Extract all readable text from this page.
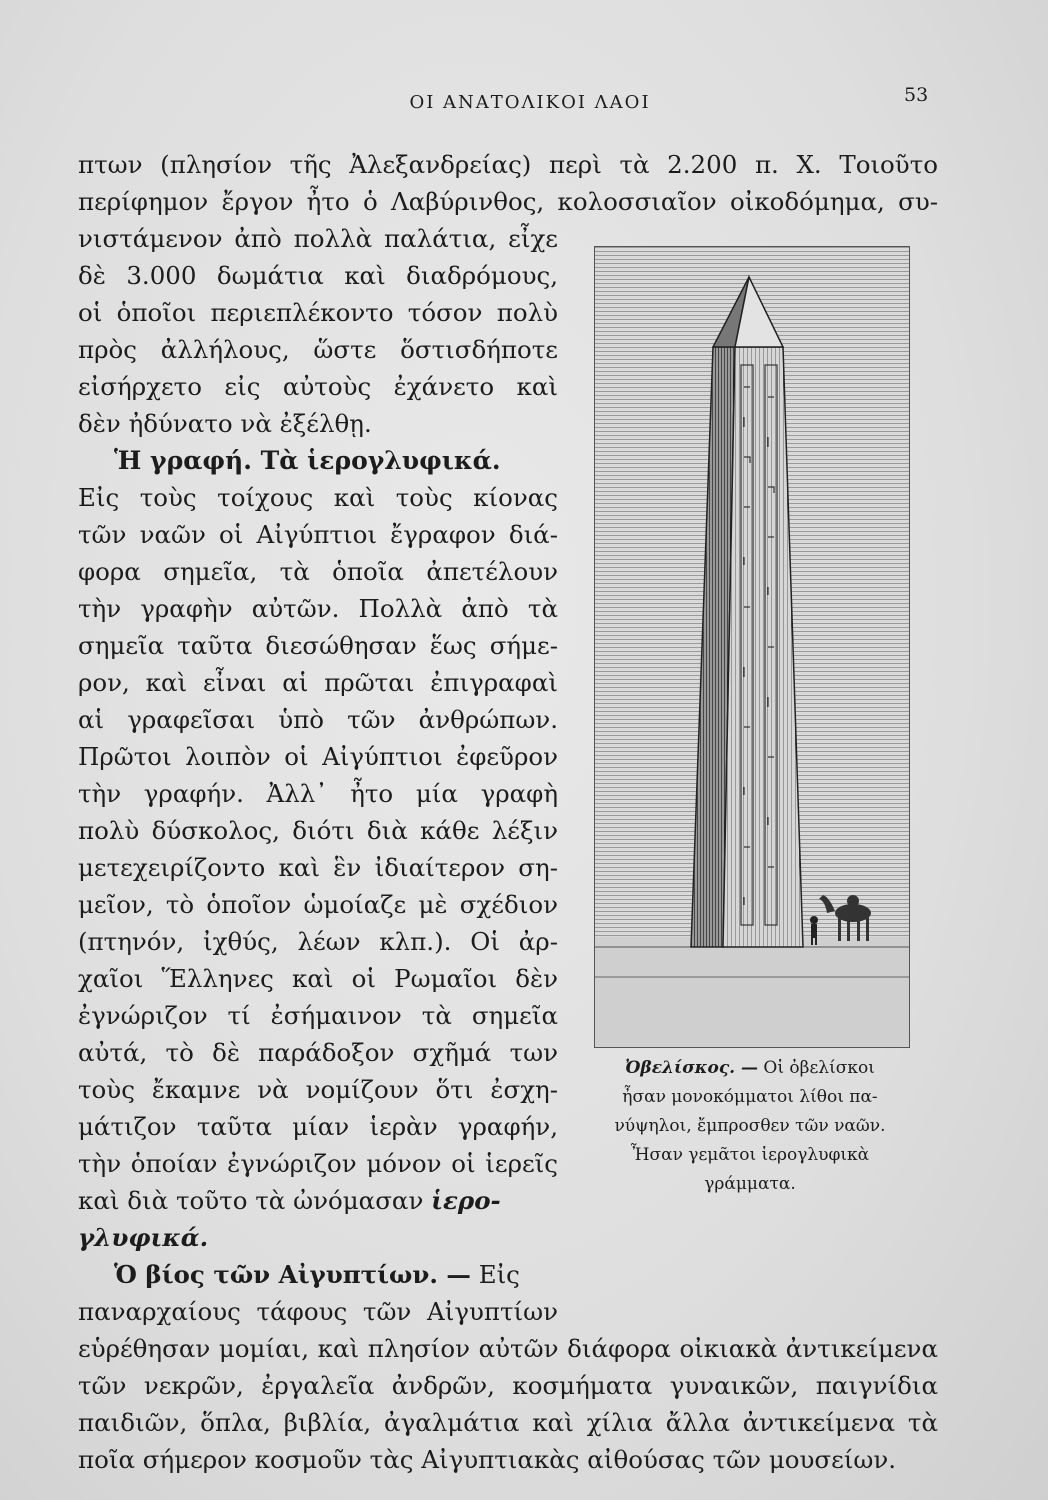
ΟΙ ΑΝΑΤΟΛΙΚΟΙ ΛΑΟΙ	53
πτων (πλησίον τῆς Ἀλεξανδρείας) περὶ τὰ 2.200 π. Χ. Τοιοῦτο
περίφημον ἔργον ἦτο ὁ Λαβύρινθος, κολοσσιαῖον οἰκοδόμημα, συ-
νιστάμενον ἀπὸ πολλὰ παλάτια, εἶχε
δὲ 3.000 δωμάτια καὶ διαδρόμους,
οἱ ὁποῖοι περιεπλέκοντο τόσον πολὺ
πρὸς ἀλλήλους, ὥστε ὅστισδήποτε
εἰσήρχετο εἰς αὐτοὺς ἐχάνετο καὶ
δὲν ἠδύνατο νὰ ἐξέλθῃ.
Ἡ γραφή. Τὰ ἱερογλυφικά.
Εἰς τοὺς τοίχους καὶ τοὺς κίονας
τῶν ναῶν οἱ Αἰγύπτιοι ἔγραφον διά-
φορα σημεῖα, τὰ ὁποῖα ἀπετέλουν
τὴν γραφὴν αὐτῶν. Πολλὰ ἀπὸ τὰ
σημεῖα ταῦτα διεσώθησαν ἕως σήμε-
ρον, καὶ εἶναι αἱ πρῶται ἐπιγραφαὶ
αἱ γραφεῖσαι ὑπὸ τῶν ἀνθρώπων.
Πρῶτοι λοιπὸν οἱ Αἰγύπτιοι ἐφεῦρον
τὴν γραφήν. Ἀλλ᾽ ἦτο μία γραφὴ
πολὺ δύσκολος, διότι διὰ κάθε λέξιν
μετεχειρίζοντο καὶ ἓν ἰδιαίτερον ση-
μεῖον, τὸ ὁποῖον ὡμοίαζε μὲ σχέδιον
(πτηνόν, ἰχθύς, λέων κλπ.). Οἱ ἀρ-
χαῖοι Ἕλληνες καὶ οἱ Ρωμαῖοι δὲν
ἐγνώριζον τί ἐσήμαινον τὰ σημεῖα
αὐτά, τὸ δὲ παράδοξον σχῆμά των
τοὺς ἔκαμνε νὰ νομίζουν ὅτι ἐσχη-
μάτιζον ταῦτα μίαν ἱερὰν γραφήν,
τὴν ὁποίαν ἐγνώριζον μόνον οἱ ἱερεῖς
καὶ διὰ τοῦτο τὰ ὠνόμασαν ἱερο-
γλυφικά.
Ὁ βίος τῶν Αἰγυπτίων. — Εἰς
παναρχαίους τάφους τῶν Αἰγυπτίων
εὑρέθησαν μομίαι, καὶ πλησίον αὐτῶν διάφορα οἰκιακὰ ἀντικείμενα
τῶν νεκρῶν, ἐργαλεῖα ἀνδρῶν, κοσμήματα γυναικῶν, παιγνίδια
παιδιῶν, ὅπλα, βιβλία, ἀγαλμάτια καὶ χίλια ἄλλα ἀντικείμενα τὰ
ποῖα σήμερον κοσμοῦν τὰς Αἰγυπτιακὰς αἰθούσας τῶν μουσείων.
Ὀβελίσκος. — Οἱ ὀβελίσκοι
ἦσαν μονοκόμματοι λίθοι πα-
νύψηλοι, ἔμπροσθεν τῶν ναῶν.
Ἦσαν γεμᾶτοι ἱερογλυφικὰ
γράμματα.
